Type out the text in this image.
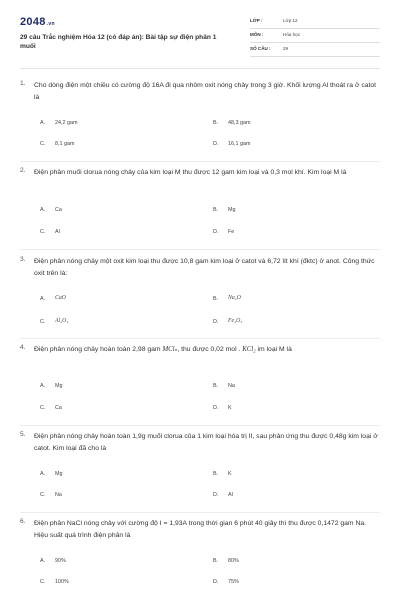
2048.vn
29 câu Trắc nghiệm Hóa 12 (có đáp án): Bài tập sự điện phân 1 muối
LỚP :	Lớp 12
MÔN :	Hóa học
SỐ CÂU :	29
1.	Cho dòng điện một chiều có cường độ 16A đi qua nhôm oxit nóng chảy trong 3 giờ. Khối lượng Al thoát ra ở catot là
A. 24,2 gam	B. 48,3 gam
C. 8,1 gam	D. 16,1 gam
2.	Điện phân muối clorua nóng chảy của kim loại M thu được 12 gam kim loại và 0,3 mol khí. Kim loại M là
A. Ca	B. Mg
C. Al	D. Fe
3.	Điện phân nóng chảy một oxit kim loại thu được 10,8 gam kim loại ở catot và 6,72 lít khí (đktc) ở anot. Công thức oxit trên là:
A. CaO	B. Na₂O
C. Al₂O₃	D. Fe₂O₃
4.	Điện phân nóng chảy hoàn toàn 2,98 gam MClₙ, thu được 0,02 mol . KCl₂ im loại M là
A. Mg	B. Na
C. Ca	D. K
5.	Điện phân nóng chảy hoàn toàn 1,9g muối clorua của 1 kim loại hóa trị II, sau phản ứng thu được 0,48g kim loại ở catot. Kim loại đã cho là
A. Mg	B. K
C. Na	D. Al
6.	Điện phân NaCl nóng chảy với cường độ I = 1,93A trong thời gian 6 phút 40 giây thì thu được 0,1472 gam Na. Hiệu suất quá trình điện phân là
A. 90%	B. 80%
C. 100%	D. 75%
